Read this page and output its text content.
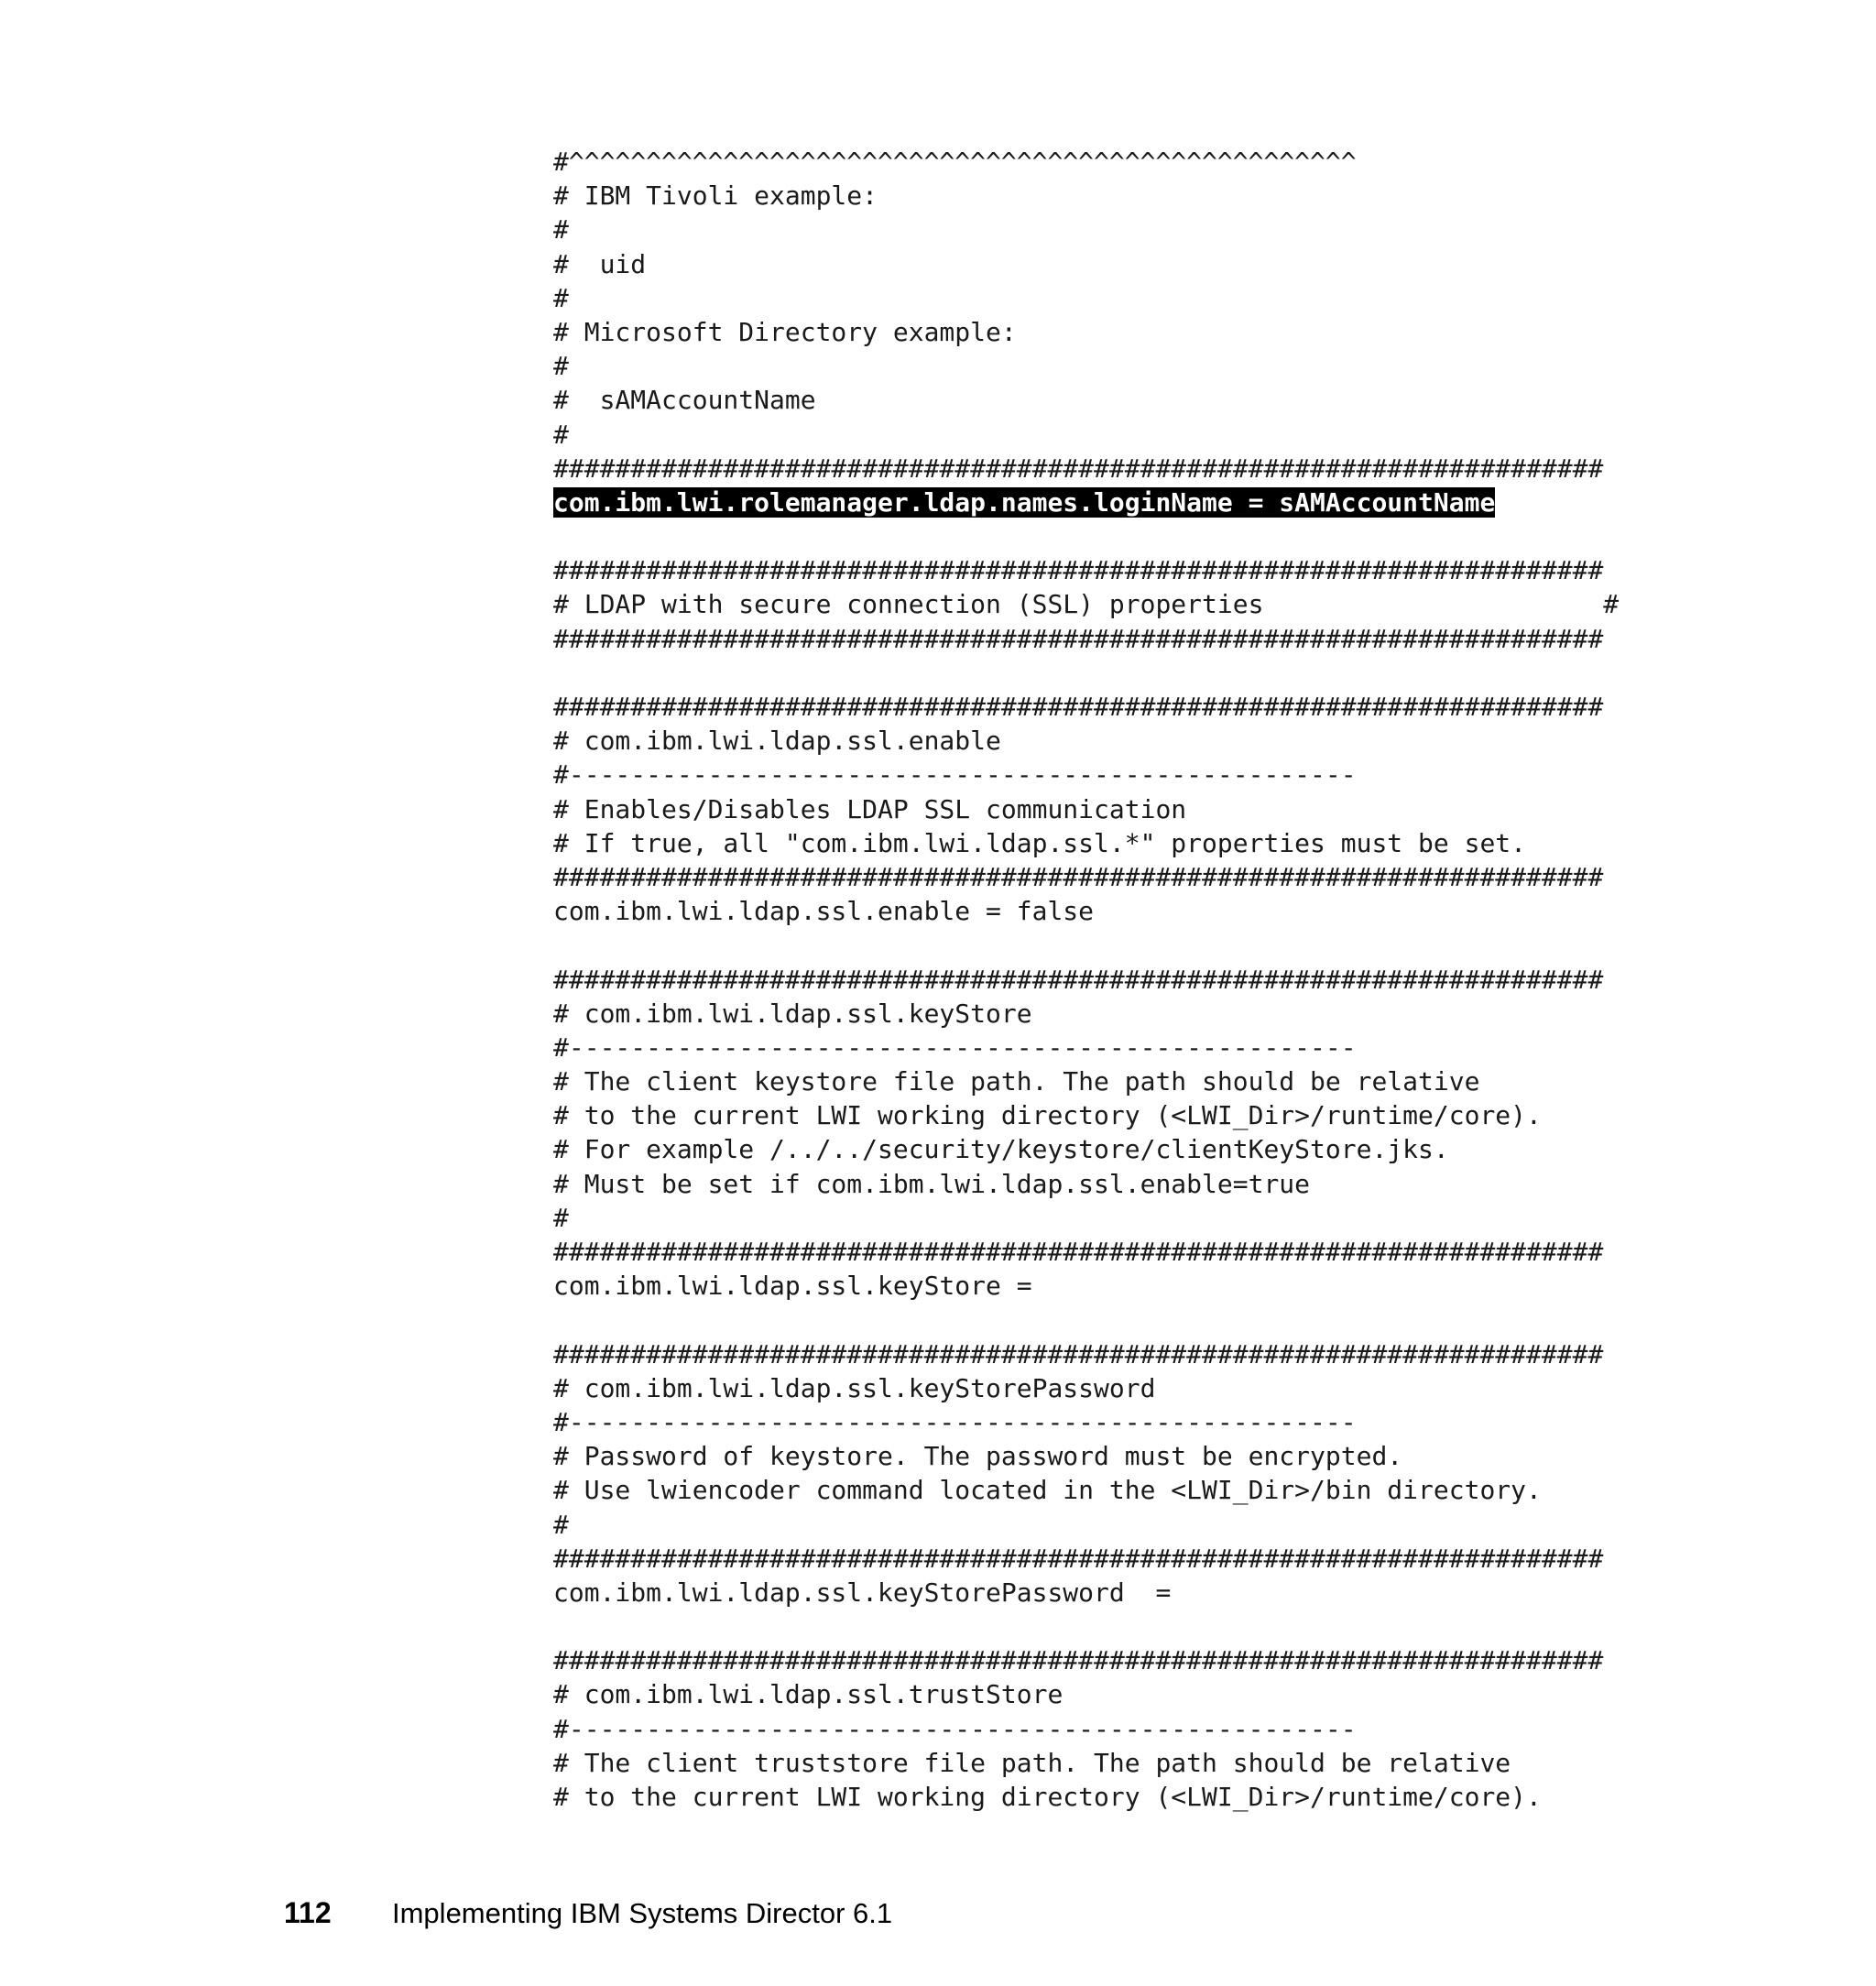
#^^^^^^^^^^^^^^^^^^^^^^^^^^^^^^^^^^^^^^^^^^^^^^^^^^^
# IBM Tivoli example:
#
#  uid
#
# Microsoft Directory example:
#
#  sAMAccountName
#
####################################################################
com.ibm.lwi.rolemanager.ldap.names.loginName = sAMAccountName
####################################################################
# LDAP with secure connection (SSL) properties                      #
####################################################################
####################################################################
# com.ibm.lwi.ldap.ssl.enable
#---------------------------------------------------
# Enables/Disables LDAP SSL communication
# If true, all "com.ibm.lwi.ldap.ssl.*" properties must be set.
####################################################################
com.ibm.lwi.ldap.ssl.enable = false
####################################################################
# com.ibm.lwi.ldap.ssl.keyStore
#---------------------------------------------------
# The client keystore file path. The path should be relative
# to the current LWI working directory (<LWI_Dir>/runtime/core).
# For example /../../security/keystore/clientKeyStore.jks.
# Must be set if com.ibm.lwi.ldap.ssl.enable=true
#
####################################################################
com.ibm.lwi.ldap.ssl.keyStore =
####################################################################
# com.ibm.lwi.ldap.ssl.keyStorePassword
#---------------------------------------------------
# Password of keystore. The password must be encrypted.
# Use lwiencoder command located in the <LWI_Dir>/bin directory.
#
####################################################################
com.ibm.lwi.ldap.ssl.keyStorePassword  =
####################################################################
# com.ibm.lwi.ldap.ssl.trustStore
#---------------------------------------------------
# The client truststore file path. The path should be relative
# to the current LWI working directory (<LWI_Dir>/runtime/core).

112	Implementing IBM Systems Director 6.1
